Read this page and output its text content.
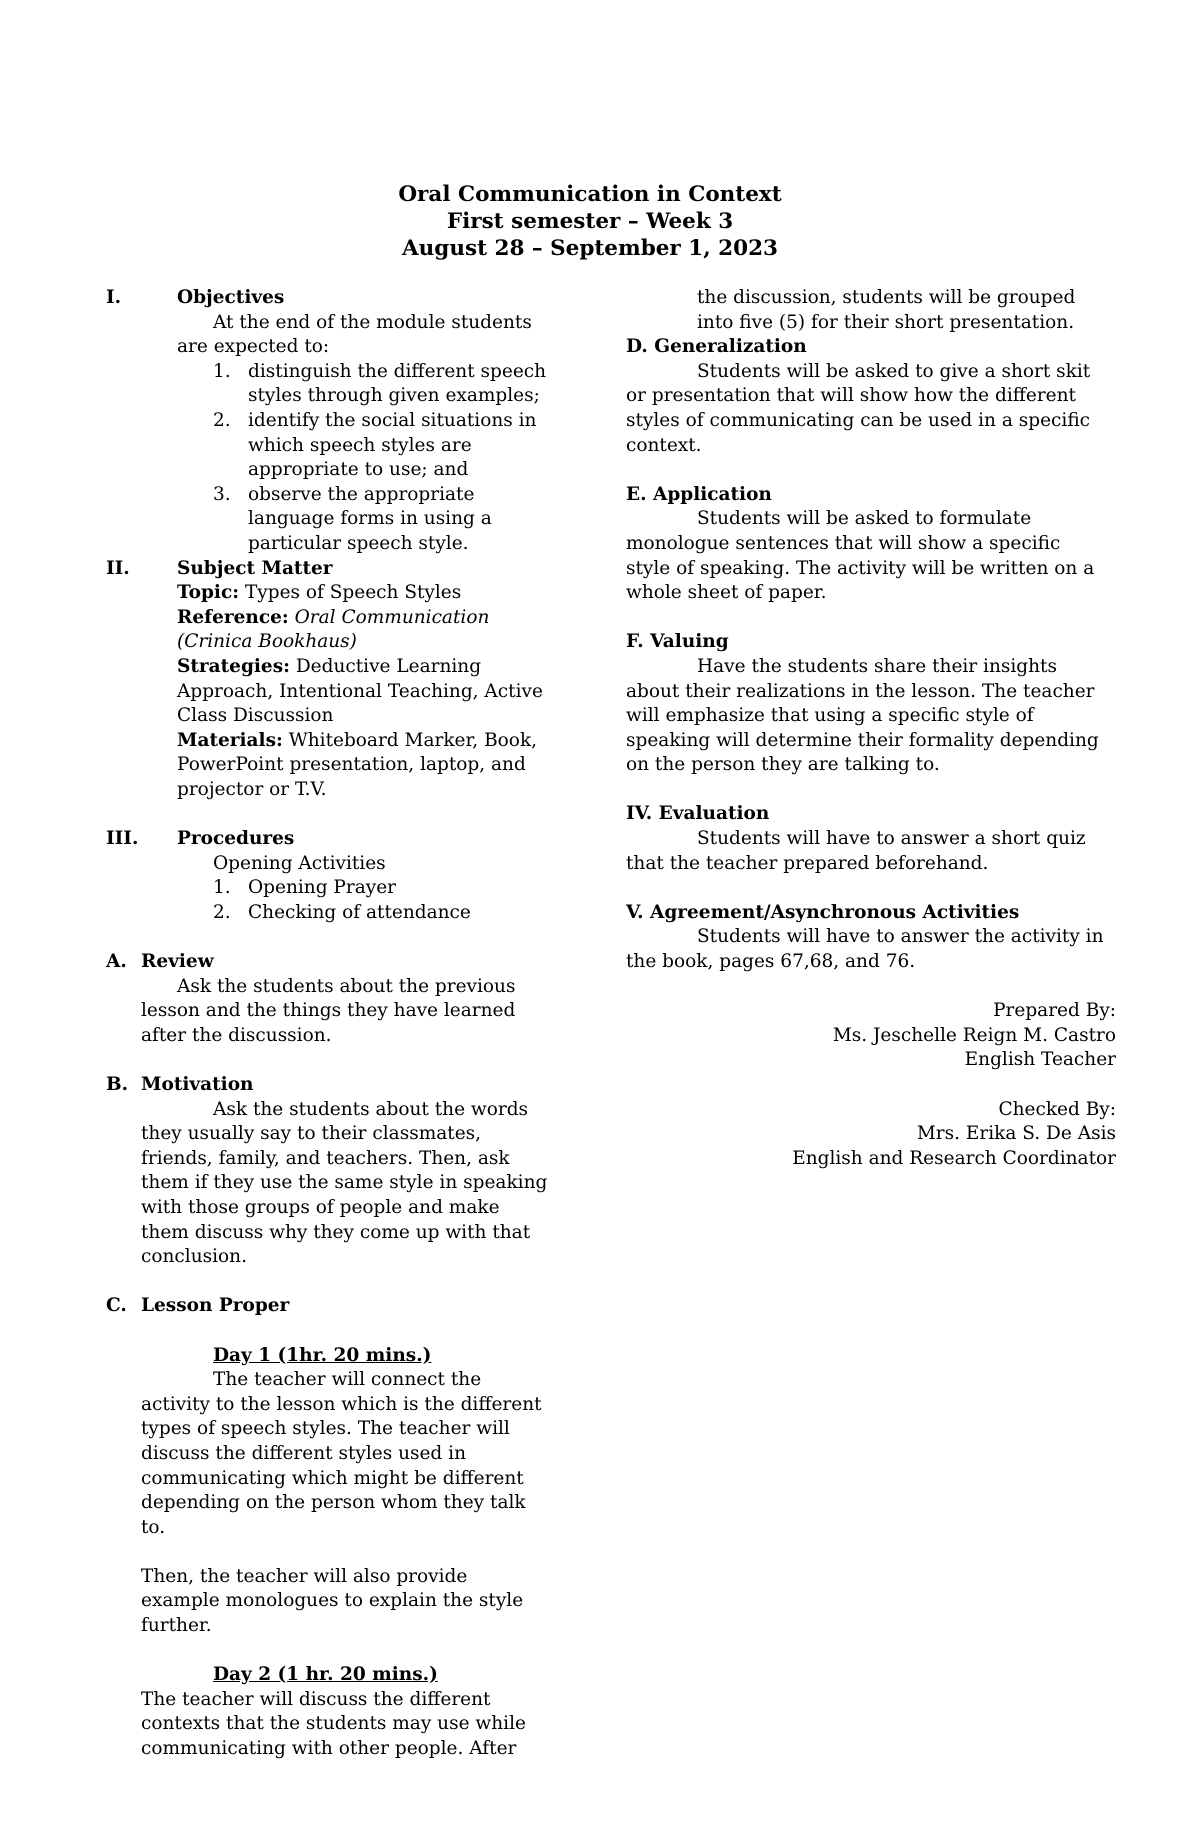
Oral Communication in Context
First semester – Week 3
August 28 – September 1, 2023
I.	Objectives
At the end of the module students
are expected to:
1. distinguish the different speech
styles through given examples;
2. identify the social situations in
which speech styles are
appropriate to use; and
3. observe the appropriate
language forms in using a
particular speech style.
II.	Subject Matter
Topic: Types of Speech Styles
Reference: Oral Communication
(Crinica Bookhaus)
Strategies: Deductive Learning
Approach, Intentional Teaching, Active
Class Discussion
Materials: Whiteboard Marker, Book,
PowerPoint presentation, laptop, and
projector or T.V.
III. Procedures
Opening Activities
1. Opening Prayer
2. Checking of attendance
A. Review
Ask the students about the previous
lesson and the things they have learned
after the discussion.
B. Motivation
Ask the students about the words
they usually say to their classmates,
friends, family, and teachers. Then, ask
them if they use the same style in speaking
with those groups of people and make
them discuss why they come up with that
conclusion.
C. Lesson Proper
Day 1 (1hr. 20 mins.)
The teacher will connect the
activity to the lesson which is the different
types of speech styles. The teacher will
discuss the different styles used in
communicating which might be different
depending on the person whom they talk
to.
Then, the teacher will also provide
example monologues to explain the style
further.
Day 2 (1 hr. 20 mins.)
The teacher will discuss the different
contexts that the students may use while
communicating with other people. After
the discussion, students will be grouped
into five (5) for their short presentation.
D. Generalization
Students will be asked to give a short skit
or presentation that will show how the different
styles of communicating can be used in a specific
context.
E. Application
Students will be asked to formulate
monologue sentences that will show a specific
style of speaking. The activity will be written on a
whole sheet of paper.
F. Valuing
Have the students share their insights
about their realizations in the lesson. The teacher
will emphasize that using a specific style of
speaking will determine their formality depending
on the person they are talking to.
IV. Evaluation
Students will have to answer a short quiz
that the teacher prepared beforehand.
V. Agreement/Asynchronous Activities
Students will have to answer the activity in
the book, pages 67,68, and 76.
Prepared By:
Ms. Jeschelle Reign M. Castro
English Teacher
Checked By:
Mrs. Erika S. De Asis
English and Research Coordinator
